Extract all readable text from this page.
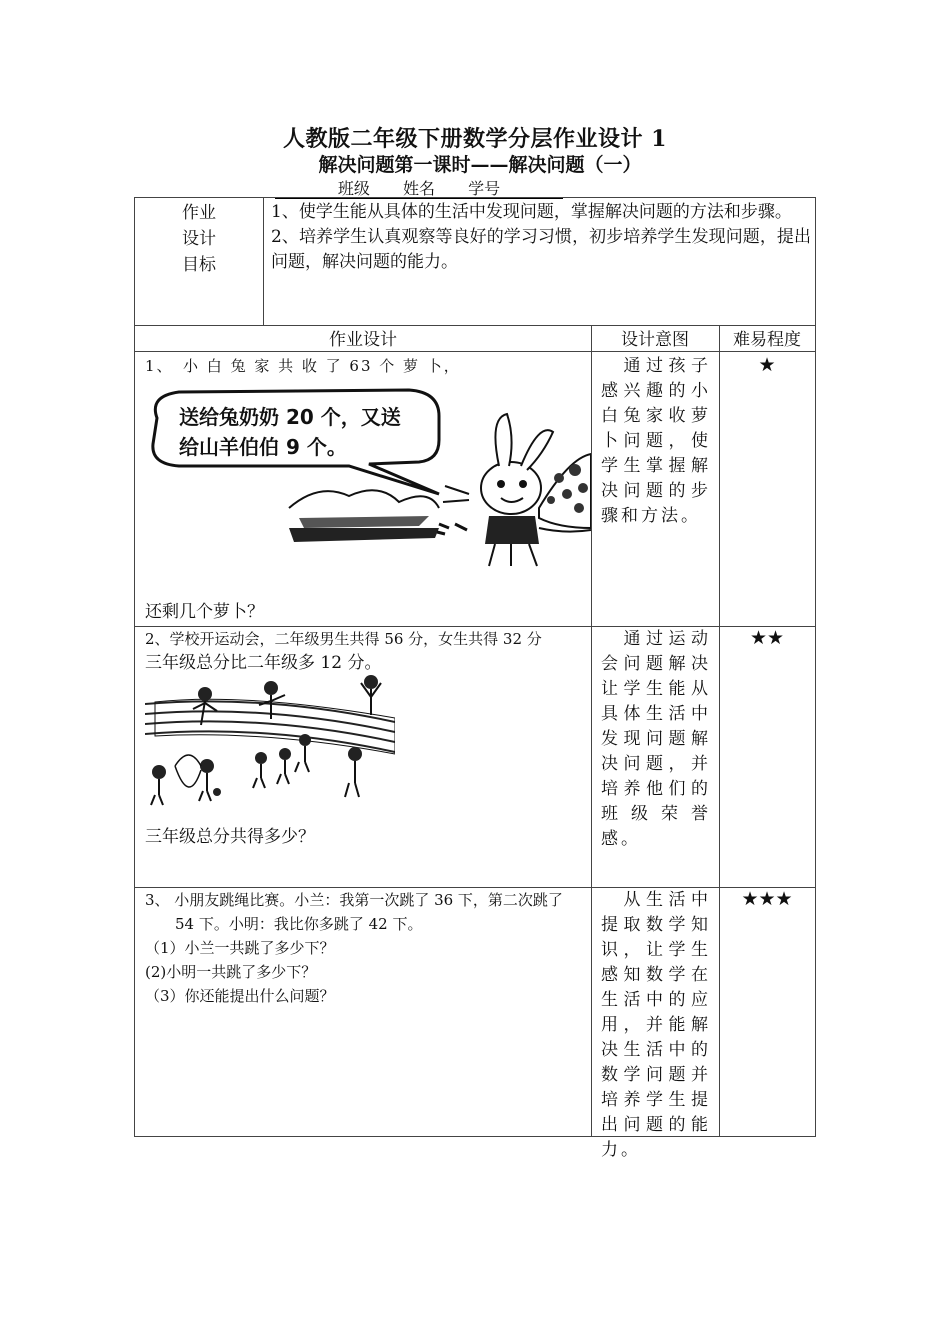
人教版二年级下册数学分层作业设计 1
解决问题第一课时——解决问题（一）
班级 姓名 学号
作业
设计
目标
1、使学生能从具体的生活中发现问题，掌握解决问题的方法和步骤。
2、培养学生认真观察等良好的学习习惯，初步培养学生发现问题，提出问题，解决问题的能力。
作业设计	设计意图	难易程度
1、　小 白 兔 家 共 收 了 63 个 萝 卜，
送给兔奶奶 20 个，又送
给山羊伯伯 9 个。
还剩几个萝卜？
　通过孩子感兴趣的小白兔家收萝卜问题，使学生掌握解决问题的步骤和方法。
★
2、学校开运动会，二年级男生共得 56 分，女生共得 32 分
三年级总分比二年级多 12 分。
三年级总分共得多少？
　通过运动会问题解决让学生能从具体生活中发现问题解决问题，并培养他们的班级荣誉感。
★★
3、 小朋友跳绳比赛。小兰：我第一次跳了 36 下，第二次跳了
　　54 下。小明：我比你多跳了 42 下。
（1）小兰一共跳了多少下？
(2)小明一共跳了多少下？
（3）你还能提出什么问题？
　从生活中提取数学知识，让学生感知数学在生活中的应用，并能解决生活中的数学问题并培养学生提出问题的能力。
★★★
